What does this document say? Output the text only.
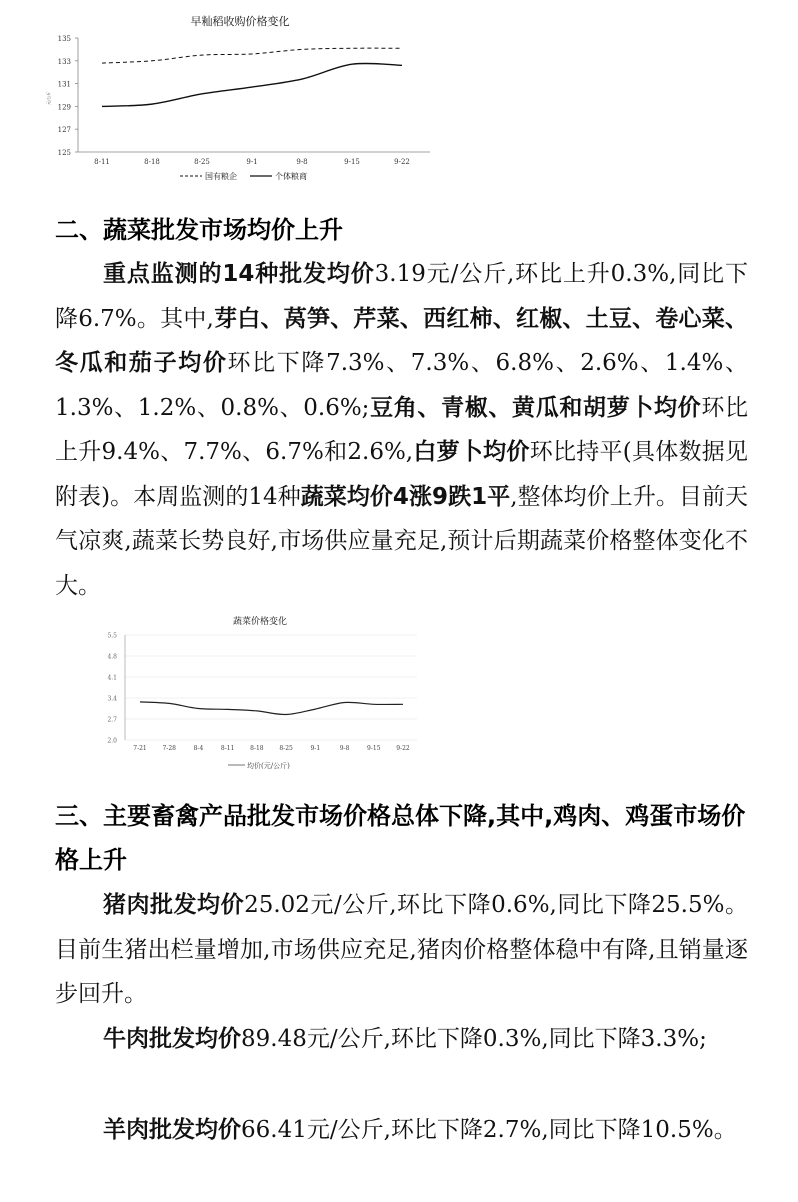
早籼稻收购价格变化
元/公斤
125
127
129
131
133
135
8-11	8-18	8-25	9-1	9-8	9-15	9-22
国有粮企	个体粮商
二、蔬菜批发市场均价上升

重点监测的14种批发均价3.19元/公斤,环比上升0.3%,同比下降6.7%。其中,芽白、莴笋、芹菜、西红柿、红椒、土豆、卷心菜、冬瓜和茄子均价环比下降7.3%、7.3%、6.8%、2.6%、1.4%、1.3%、1.2%、0.8%、0.6%;豆角、青椒、黄瓜和胡萝卜均价环比上升9.4%、7.7%、6.7%和2.6%,白萝卜均价环比持平(具体数据见附表)。本周监测的14种蔬菜均价4涨9跌1平,整体均价上升。目前天气凉爽,蔬菜长势良好,市场供应量充足,预计后期蔬菜价格整体变化不大。

蔬菜价格变化
2.0
2.7
3.4
4.1
4.8
5.5
7-21	7-28	8-4	8-11	8-18	8-25	9-1	9-8	9-15	9-22
均价(元/公斤)
三、主要畜禽产品批发市场价格总体下降,其中,鸡肉、鸡蛋市场价格上升

猪肉批发均价25.02元/公斤,环比下降0.6%,同比下降25.5%。目前生猪出栏量增加,市场供应充足,猪肉价格整体稳中有降,且销量逐步回升。

牛肉批发均价89.48元/公斤,环比下降0.3%,同比下降3.3%;

羊肉批发均价66.41元/公斤,环比下降2.7%,同比下降10.5%。
